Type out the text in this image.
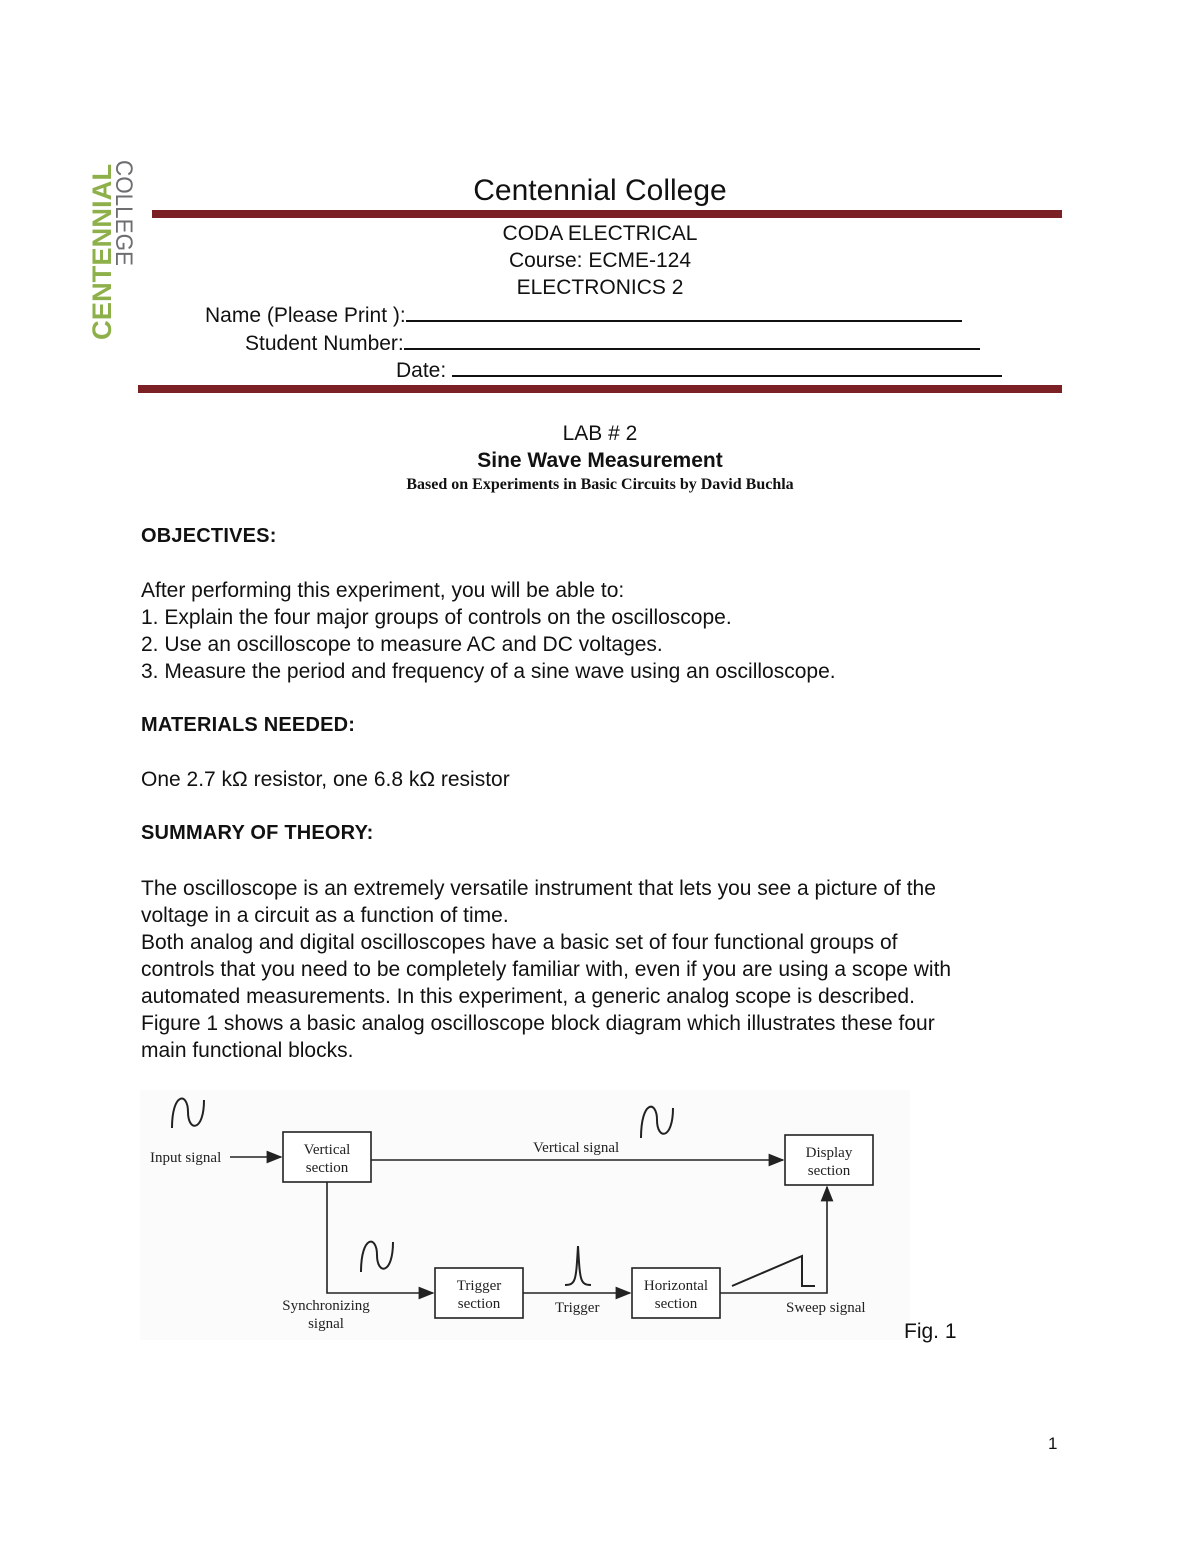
CENTENNIAL
COLLEGE	Centennial College
CODA ELECTRICAL
Course: ECME-124
ELECTRONICS 2
Name (Please Print ):
Student Number:
Date:
LAB # 2
Sine Wave Measurement
Based on Experiments in Basic Circuits by David Buchla
OBJECTIVES:
After performing this experiment, you will be able to:
1. Explain the four major groups of controls on the oscilloscope.
2. Use an oscilloscope to measure AC and DC voltages.
3. Measure the period and frequency of a sine wave using an oscilloscope.
MATERIALS NEEDED:
One 2.7 kΩ resistor, one 6.8 kΩ resistor
SUMMARY OF THEORY:
The oscilloscope is an extremely versatile instrument that lets you see a picture of the
voltage in a circuit as a function of time.
Both analog and digital oscilloscopes have a basic set of four functional groups of
controls that you need to be completely familiar with, even if you are using a scope with
automated measurements. In this experiment, a generic analog scope is described.
Figure 1 shows a basic analog oscilloscope block diagram which illustrates these four
main functional blocks.
Input signal	Vertical
section
Vertical signal	Display
section
Trigger
section	Trigger
Horizontal
section	Sweep signal
Synchronizing
signal	Fig. 1
1
